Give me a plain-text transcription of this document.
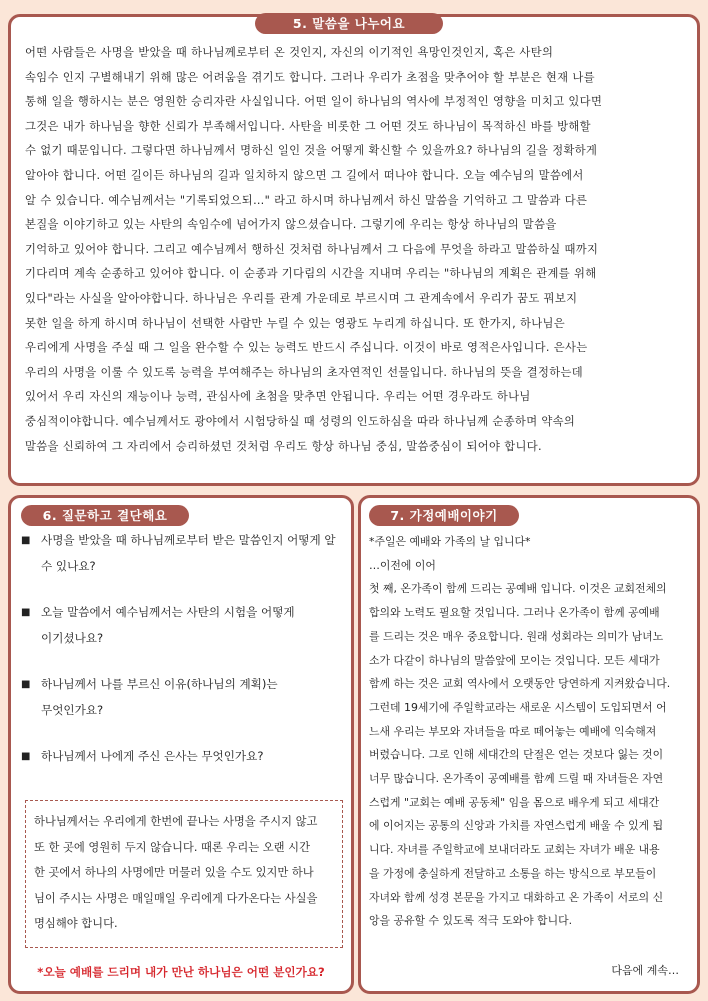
5. 말씀을 나누어요
어떤 사람들은 사명을 받았을 때 하나님께로부터 온 것인지, 자신의 이기적인 욕망인것인지, 혹은 사탄의
속임수 인지 구별해내기 위해 많은 어려움을 겪기도 합니다. 그러나 우리가 초점을 맞추어야 할 부분은 현재 나를
통해 일을 행하시는 분은 영원한 승리자란 사실입니다. 어떤 일이 하나님의 역사에 부정적인 영향을 미치고 있다면
그것은 내가 하나님을 향한 신뢰가 부족해서입니다. 사탄을 비롯한 그 어떤 것도 하나님이 목적하신 바를 방해할
수 없기 때문입니다. 그렇다면 하나님께서 명하신 일인 것을 어떻게 확신할 수 있을까요? 하나님의 길을 정확하게
알아야 합니다. 어떤 길이든 하나님의 길과 일치하지 않으면 그 길에서 떠나야 합니다. 오늘 예수님의 말씀에서
알 수 있습니다. 예수님께서는 "기록되었으되…" 라고 하시며 하나님께서 하신 말씀을 기억하고 그 말씀과 다른
본질을 이야기하고 있는 사탄의 속임수에 넘어가지 않으셨습니다. 그렇기에 우리는 항상 하나님의 말씀을
기억하고 있어야 합니다. 그리고 예수님께서 행하신 것처럼 하나님께서 그 다음에 무엇을 하라고 말씀하실 때까지
기다리며 계속 순종하고 있어야 합니다. 이 순종과 기다림의 시간을 지내며 우리는 "하나님의 계획은 관계를 위해
있다"라는 사실을 알아야합니다. 하나님은 우리를 관계 가운데로 부르시며 그 관계속에서 우리가 꿈도 꿔보지
못한 일을 하게 하시며 하나님이 선택한 사람만 누릴 수 있는 영광도 누리게 하십니다. 또 한가지, 하나님은
우리에게 사명을 주실 때 그 일을 완수할 수 있는 능력도 반드시 주십니다. 이것이 바로 영적은사입니다. 은사는
우리의 사명을 이룰 수 있도록 능력을 부여해주는 하나님의 초자연적인 선물입니다. 하나님의 뜻을 결정하는데
있어서 우리 자신의 재능이나 능력, 관심사에 초첨을 맞추면 안됩니다. 우리는 어떤 경우라도 하나님
중심적이야합니다. 예수님께서도 광야에서 시험당하실 때 성령의 인도하심을 따라 하나님께 순종하며 약속의
말씀을 신뢰하여 그 자리에서 승리하셨던 것처럼 우리도 항상 하나님 중심, 말씀중심이 되어야 합니다.
6. 질문하고 결단해요
■ 사명을 받았을 때 하나님께로부터 받은 말씀인지 어떻게 알
수 있나요?
■ 오늘 말씀에서 예수님께서는 사탄의 시험을 어떻게
이기셨나요?
■ 하나님께서 나를 부르신 이유(하나님의 계획)는
무엇인가요?
■ 하나님께서 나에게 주신 은사는 무엇인가요?
하나님께서는 우리에게 한번에 끝나는 사명을 주시지 않고
또 한 곳에 영원히 두지 않습니다. 때론 우리는 오랜 시간
한 곳에서 하나의 사명에만 머물러 있을 수도 있지만 하나
님이 주시는 사명은 매일매일 우리에게 다가온다는 사실을
명심해야 합니다.
*오늘 예배를 드리며 내가 만난 하나님은 어떤 분인가요?
7. 가정예배이야기
*주일은 예배와 가족의 날 입니다*
…이전에 이어
첫 째, 온가족이 함께 드리는 공예배 입니다. 이것은 교회전체의
합의와 노력도 필요할 것입니다. 그러나 온가족이 함께 공예배
를 드리는 것은 매우 중요합니다. 원래 성회라는 의미가 남녀노
소가 다같이 하나님의 말씀앞에 모이는 것입니다. 모든 세대가
함께 하는 것은 교회 역사에서 오랫동안 당연하게 지켜왔습니다.
그런데 19세기에 주일학교라는 새로운 시스템이 도입되면서 어
느새 우리는 부모와 자녀들을 따로 떼어놓는 예배에 익숙해져
버렸습니다. 그로 인해 세대간의 단절은 얻는 것보다 잃는 것이
너무 많습니다. 온가족이 공예배를 함께 드릴 때 자녀들은 자연
스럽게 "교회는 예배 공동체" 임을 몸으로 배우게 되고 세대간
에 이어지는 공통의 신앙과 가치를 자연스럽게 배울 수 있게 됩
니다. 자녀를 주일학교에 보내더라도 교회는 자녀가 배운 내용
을 가정에 충실하게 전달하고 소통을 하는 방식으로 부모들이
자녀와 함께 성경 본문을 가지고 대화하고 온 가족이 서로의 신
앙을 공유할 수 있도록 적극 도와야 합니다.
다음에 계속…
